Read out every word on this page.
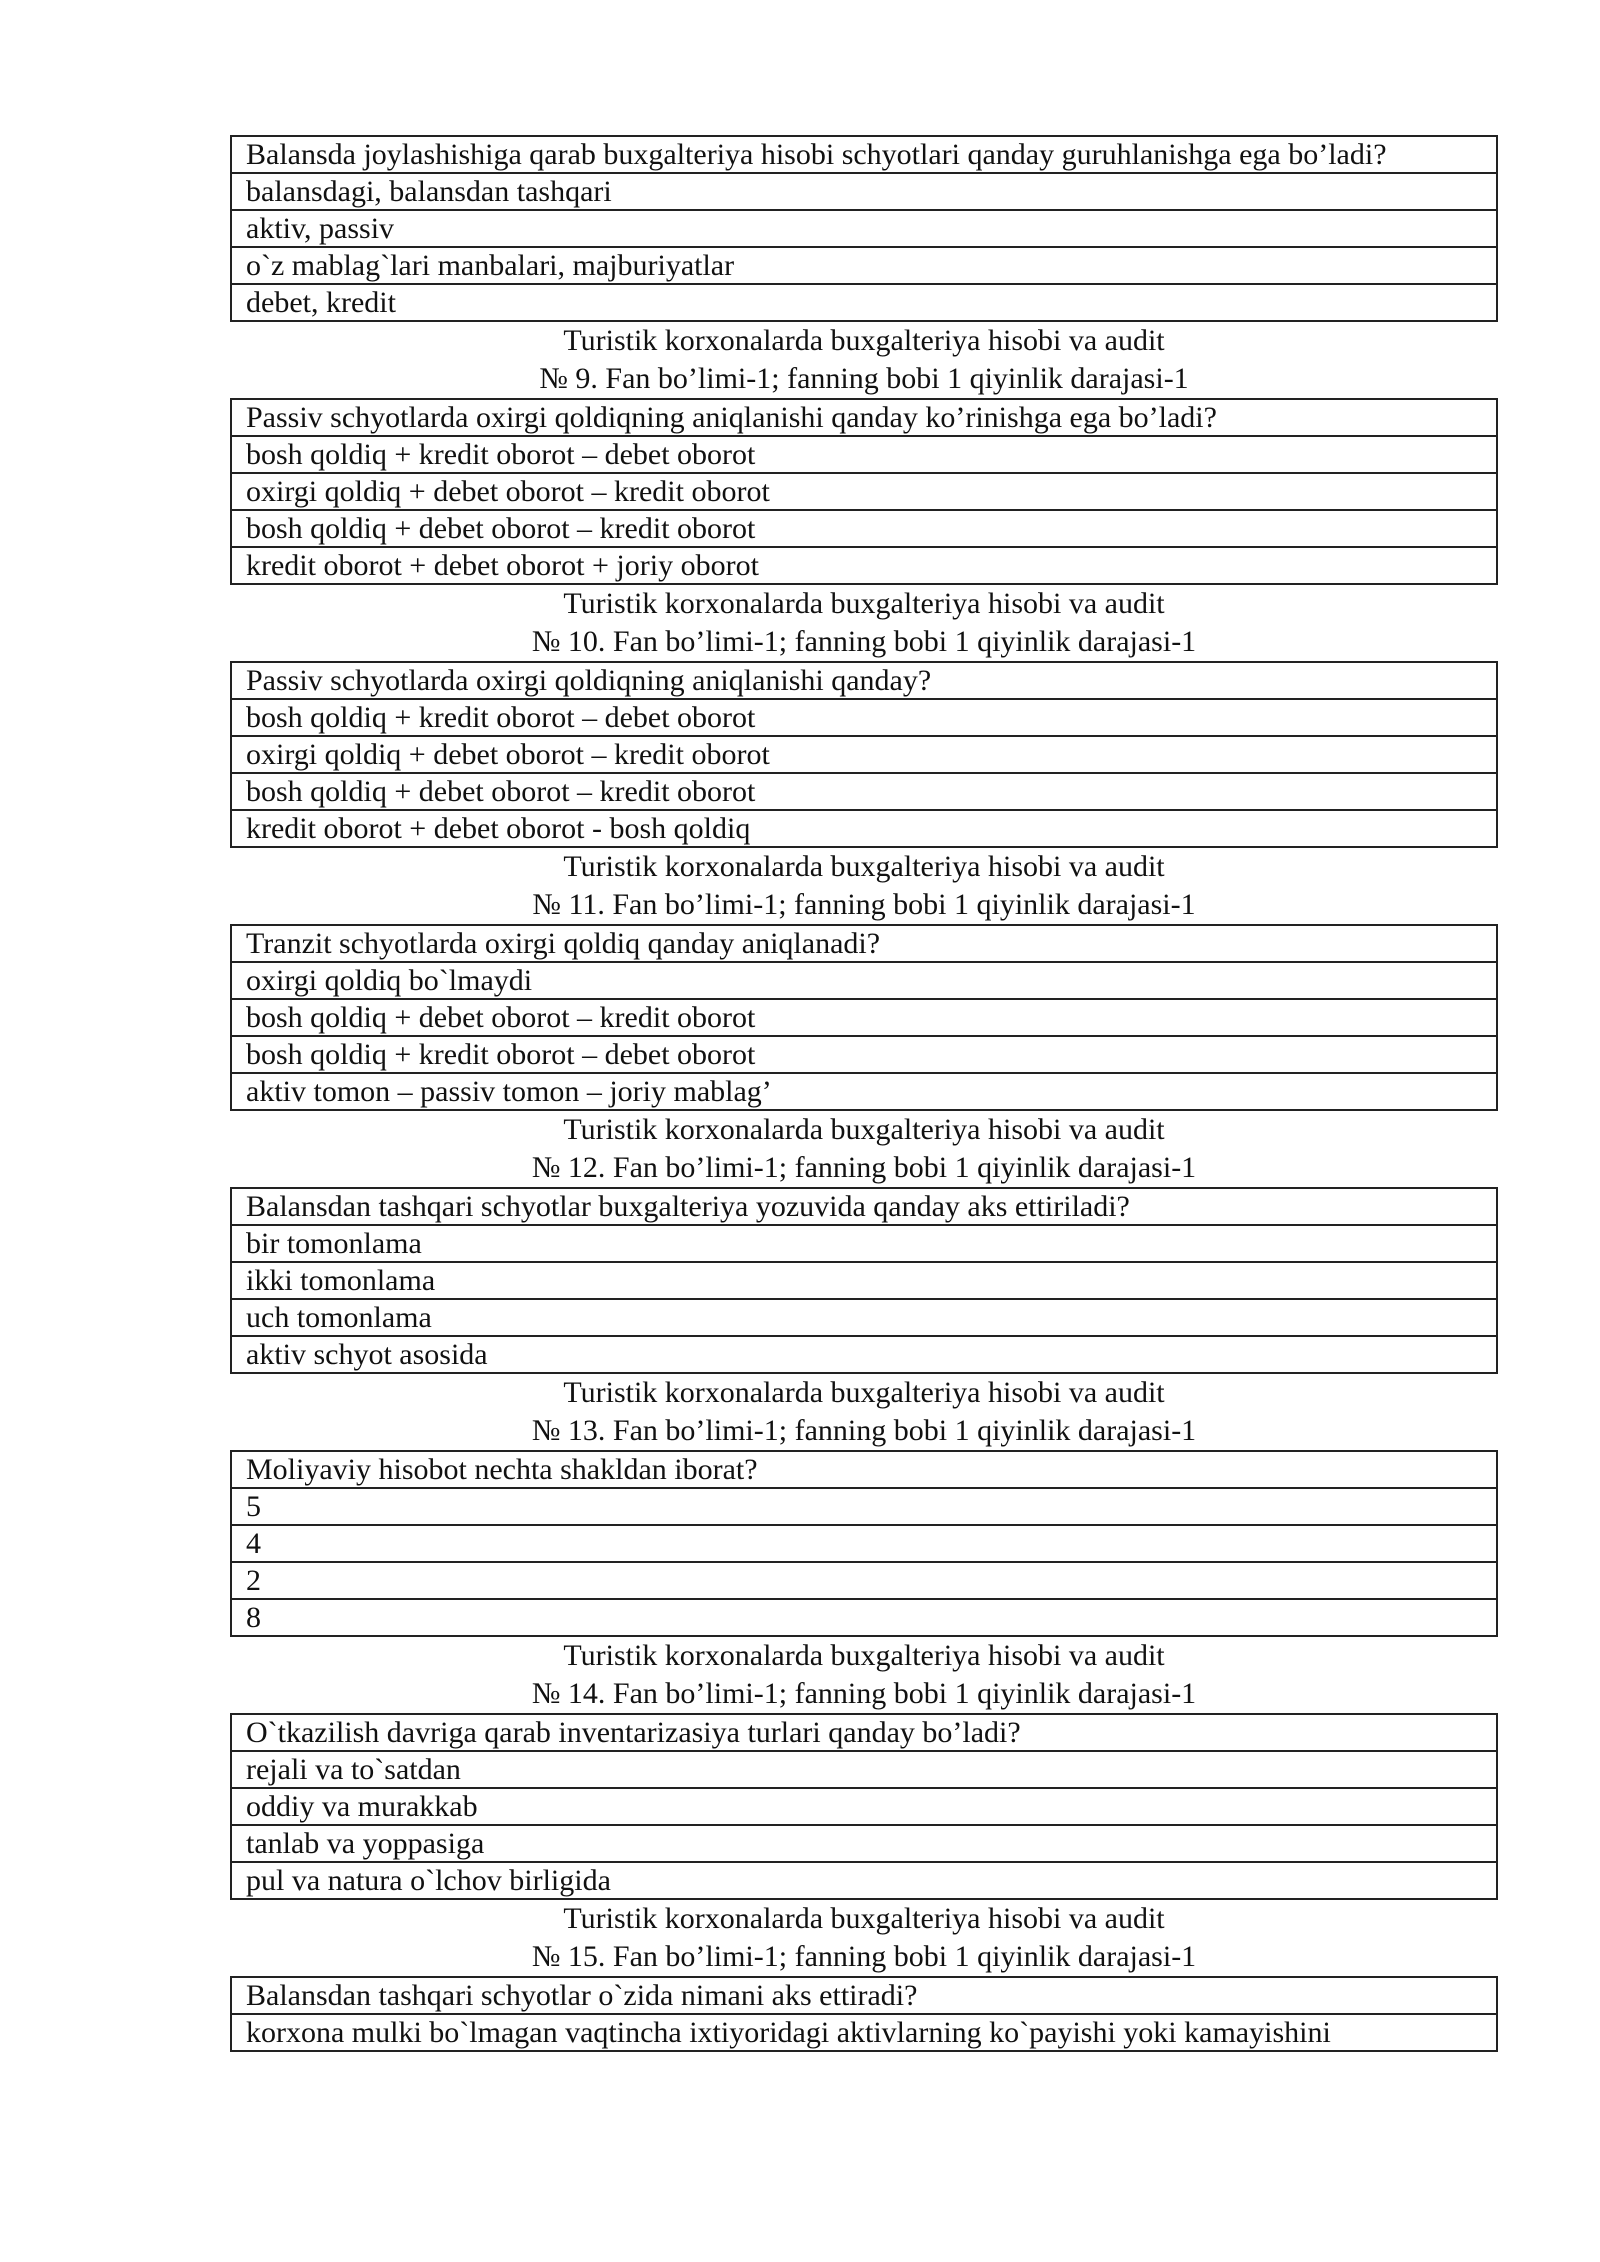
Balansda joylashishiga qarab buxgalteriya hisobi schyotlari qanday guruhlanishga ega bo’ladi?
balansdagi, balansdan tashqari
aktiv, passiv
o`z mablag`lari manbalari, majburiyatlar
debet, kredit
Turistik korxonalarda buxgalteriya hisobi va audit
№ 9. Fan bo’limi-1; fanning bobi 1 qiyinlik darajasi-1
Passiv schyotlarda oxirgi qoldiqning aniqlanishi qanday ko’rinishga ega bo’ladi?
bosh qoldiq + kredit oborot – debet oborot
oxirgi qoldiq + debet oborot – kredit oborot
bosh qoldiq + debet oborot – kredit oborot
kredit oborot + debet oborot + joriy oborot
Turistik korxonalarda buxgalteriya hisobi va audit
№ 10. Fan bo’limi-1; fanning bobi 1 qiyinlik darajasi-1
Passiv schyotlarda oxirgi qoldiqning aniqlanishi qanday?
bosh qoldiq + kredit oborot – debet oborot
oxirgi qoldiq + debet oborot – kredit oborot
bosh qoldiq + debet oborot – kredit oborot
kredit oborot + debet oborot - bosh qoldiq
Turistik korxonalarda buxgalteriya hisobi va audit
№ 11. Fan bo’limi-1; fanning bobi 1 qiyinlik darajasi-1
Tranzit schyotlarda oxirgi qoldiq qanday aniqlanadi?
oxirgi qoldiq bo`lmaydi
bosh qoldiq + debet oborot – kredit oborot
bosh qoldiq + kredit oborot – debet oborot
aktiv tomon – passiv tomon – joriy mablag’
Turistik korxonalarda buxgalteriya hisobi va audit
№ 12. Fan bo’limi-1; fanning bobi 1 qiyinlik darajasi-1
Balansdan tashqari schyotlar buxgalteriya yozuvida qanday aks ettiriladi?
bir tomonlama
ikki tomonlama
uch tomonlama
aktiv schyot asosida
Turistik korxonalarda buxgalteriya hisobi va audit
№ 13. Fan bo’limi-1; fanning bobi 1 qiyinlik darajasi-1
Moliyaviy hisobot nechta shakldan iborat?
5
4
2
8
Turistik korxonalarda buxgalteriya hisobi va audit
№ 14. Fan bo’limi-1; fanning bobi 1 qiyinlik darajasi-1
O`tkazilish davriga qarab inventarizasiya turlari qanday bo’ladi?
rejali va to`satdan
oddiy va murakkab
tanlab va yoppasiga
pul va natura o`lchov birligida
Turistik korxonalarda buxgalteriya hisobi va audit
№ 15. Fan bo’limi-1; fanning bobi 1 qiyinlik darajasi-1
Balansdan tashqari schyotlar o`zida nimani aks ettiradi?
korxona mulki bo`lmagan vaqtincha ixtiyoridagi aktivlarning ko`payishi yoki kamayishini
